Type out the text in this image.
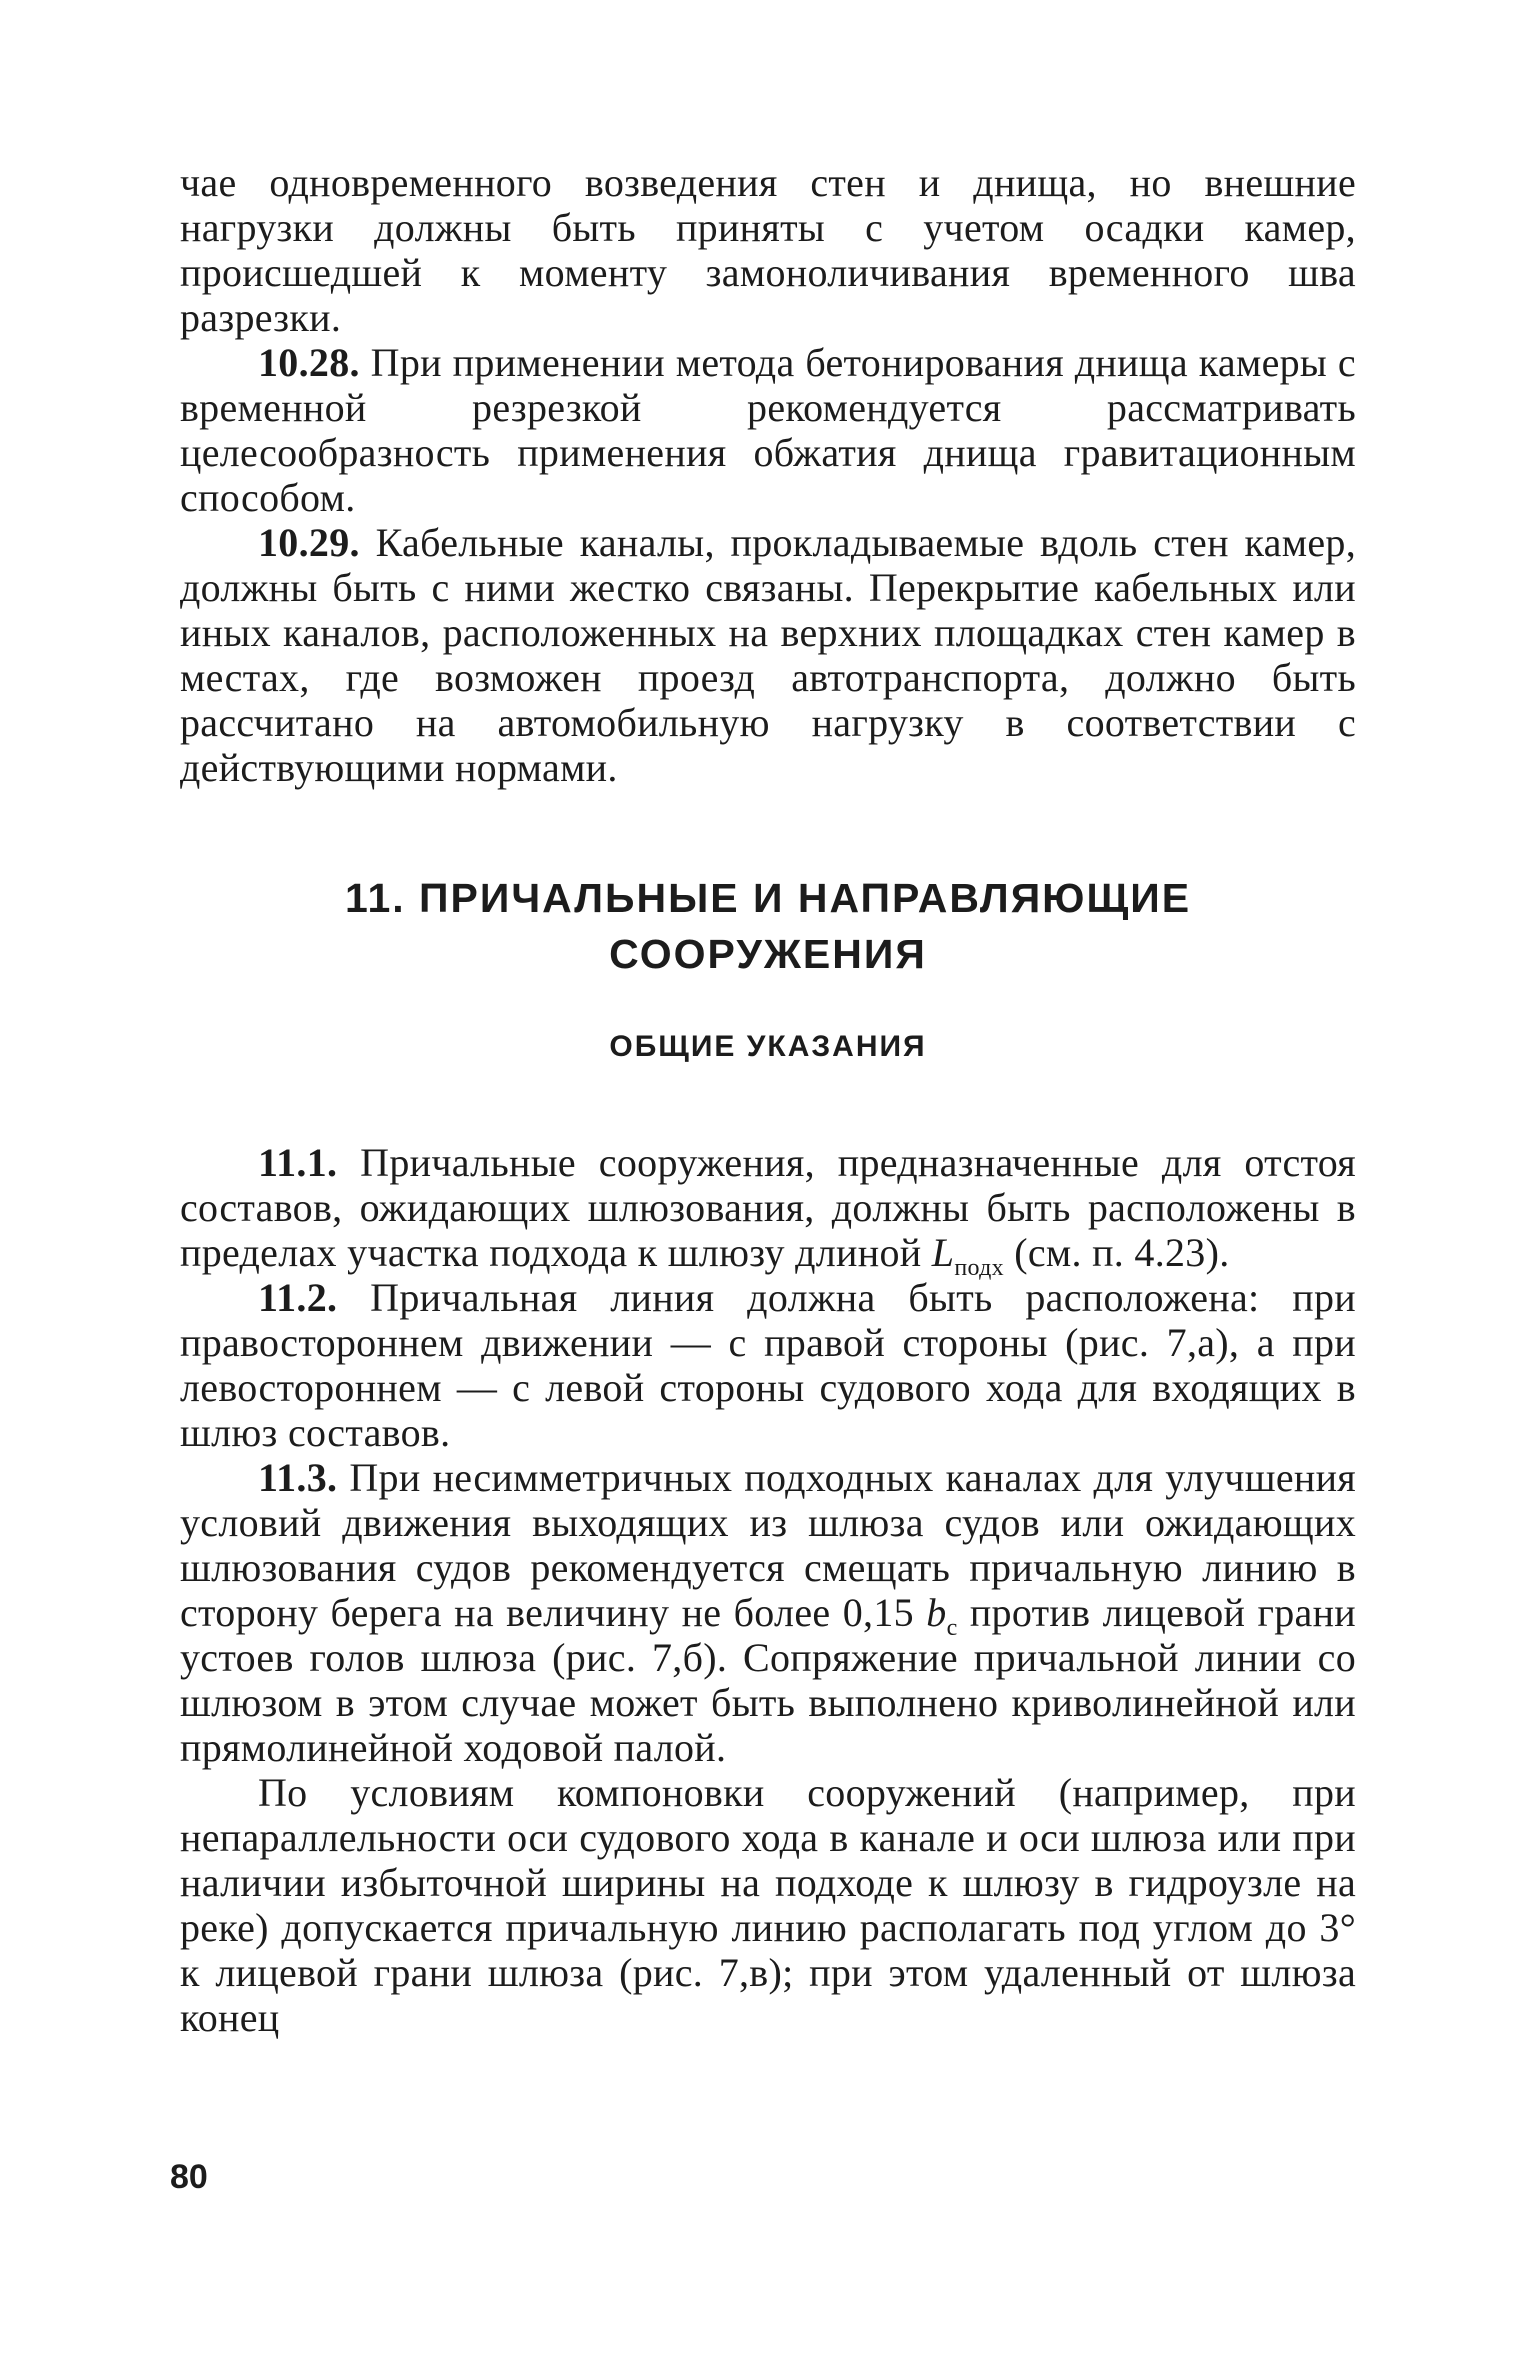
чае одновременного возведения стен и днища, но внешние нагрузки должны быть приняты с учетом осадки камер, происшедшей к моменту замоноличивания временного шва разрезки.

10.28. При применении метода бетонирования днища камеры с временной резрезкой рекомендуется рассматривать целесообразность применения обжатия днища гравитационным способом.

10.29. Кабельные каналы, прокладываемые вдоль стен камер, должны быть с ними жестко связаны. Перекрытие кабельных или иных каналов, расположенных на верхних площадках стен камер в местах, где возможен проезд автотранспорта, должно быть рассчитано на автомобильную нагрузку в соответствии с действующими нормами.

11. ПРИЧАЛЬНЫЕ И НАПРАВЛЯЮЩИЕ СООРУЖЕНИЯ
ОБЩИЕ УКАЗАНИЯ

11.1. Причальные сооружения, предназначенные для отстоя составов, ожидающих шлюзования, должны быть расположены в пределах участка подхода к шлюзу длиной $L_{подх}$ (см. п. 4.23).

11.2. Причальная линия должна быть расположена: при правостороннем движении — с правой стороны (рис. 7,а), а при левостороннем — с левой стороны судового хода для входящих в шлюз составов.

11.3. При несимметричных подходных каналах для улучшения условий движения выходящих из шлюза судов или ожидающих шлюзования судов рекомендуется смещать причальную линию в сторону берега на величину не более 0,15 $b_с$ против лицевой грани устоев голов шлюза (рис. 7,б). Сопряжение причальной линии со шлюзом в этом случае может быть выполнено криволинейной или прямолинейной ходовой палой.

По условиям компоновки сооружений (например, при непараллельности оси судового хода в канале и оси шлюза или при наличии избыточной ширины на подходе к шлюзу в гидроузле на реке) допускается причальную линию располагать под углом до 3° к лицевой грани шлюза (рис. 7,в); при этом удаленный от шлюза конец

80
